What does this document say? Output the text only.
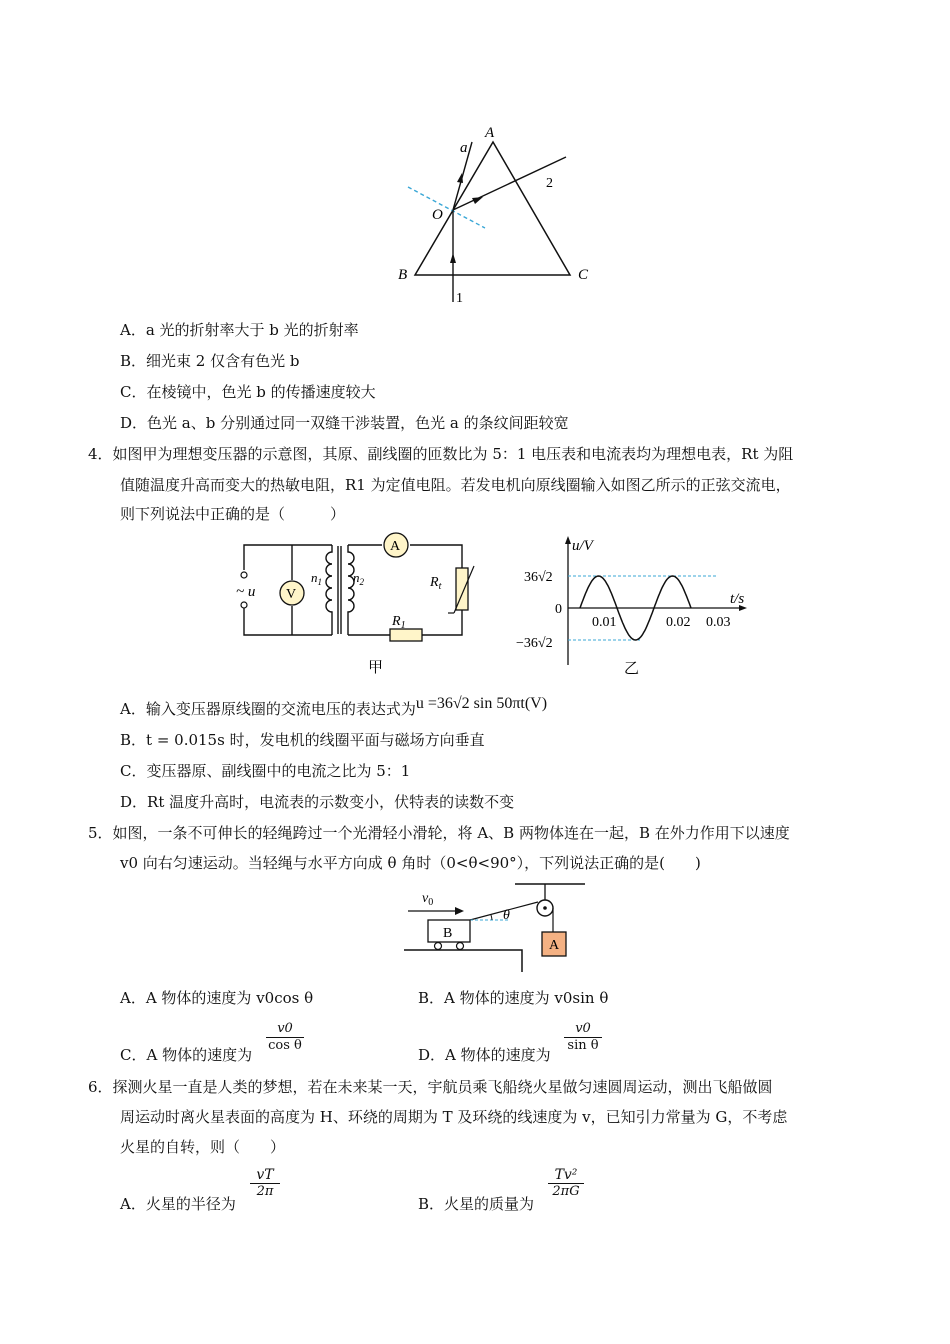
a
A
O
B	C
1
2
A．a 光的折射率大于 b 光的折射率
B．细光束 2 仅含有色光 b
C．在棱镜中，色光 b 的传播速度较大
D．色光 a、b 分别通过同一双缝干涉装置，色光 a 的条纹间距较宽
4．如图甲为理想变压器的示意图，其原、副线圈的匝数比为 5：1 电压表和电流表均为理想电表，Rt 为阻
值随温度升高而变大的热敏电阻，R1 为定值电阻。若发电机向原线圈输入如图乙所示的正弦交流电，
则下列说法中正确的是（　　　）
~ u V
A
$R_t$
$R_1$
$n_1$ $n_2$
甲
u/V
t/s
36√2
0
−36√2
0.01	0.02 0.03
乙
A．输入变压器原线圈的交流电压的表达式为u =36√2 sin 50πt(V)
B．t = 0.015s 时，发电机的线圈平面与磁场方向垂直
C．变压器原、副线圈中的电流之比为 5：1
D．Rt 温度升高时，电流表的示数变小，伏特表的读数不变
5．如图，一条不可伸长的轻绳跨过一个光滑轻小滑轮，将 A、B 两物体连在一起，B 在外力作用下以速度
v0 向右匀速运动。当轻绳与水平方向成 θ 角时（0<θ<90°），下列说法正确的是(　　)
$v_0$
θ
B
A
A．A 物体的速度为 v0cos θ	B．A 物体的速度为 v0sin θ
C．A 物体的速度为
$\frac{v0}{\text{cos θ}}$
D．A 物体的速度为
$\frac{v0}{\text{sin θ}}$
6．探测火星一直是人类的梦想，若在未来某一天，宇航员乘飞船绕火星做匀速圆周运动，测出飞船做圆
周运动时离火星表面的高度为 H、环绕的周期为 T 及环绕的线速度为 v，已知引力常量为 G，不考虑
火星的自转，则（　　）
A．火星的半径为
$\frac{vT}{2\pi}$
B．火星的质量为
$\frac{\text{Tv²}}{2\pi G}$
